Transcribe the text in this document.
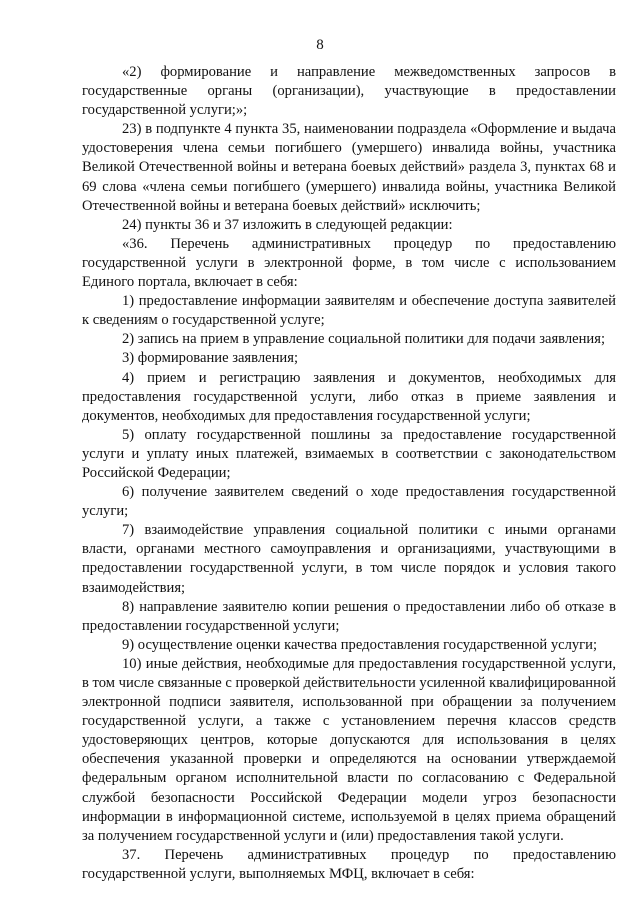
8

«2) формирование и направление межведомственных запросов в государственные органы (организации), участвующие в предоставлении государственной услуги;»;

23) в подпункте 4 пункта 35, наименовании подраздела «Оформление и выдача удостоверения члена семьи погибшего (умершего) инвалида войны, участника Великой Отечественной войны и ветерана боевых действий» раздела 3, пунктах 68 и 69 слова «члена семьи погибшего (умершего) инвалида войны, участника Великой Отечественной войны и ветерана боевых действий» исключить;

24) пункты 36 и 37 изложить в следующей редакции:

«36. Перечень административных процедур по предоставлению государственной услуги в электронной форме, в том числе с использованием Единого портала, включает в себя:

1) предоставление информации заявителям и обеспечение доступа заявителей к сведениям о государственной услуге;

2) запись на прием в управление социальной политики для подачи заявления;

3) формирование заявления;

4) прием и регистрацию заявления и документов, необходимых для предоставления государственной услуги, либо отказ в приеме заявления и документов, необходимых для предоставления государственной услуги;

5) оплату государственной пошлины за предоставление государственной услуги и уплату иных платежей, взимаемых в соответствии с законодательством Российской Федерации;

6) получение заявителем сведений о ходе предоставления государственной услуги;

7) взаимодействие управления социальной политики с иными органами власти, органами местного самоуправления и организациями, участвующими в предоставлении государственной услуги, в том числе порядок и условия такого взаимодействия;

8) направление заявителю копии решения о предоставлении либо об отказе в предоставлении государственной услуги;

9) осуществление оценки качества предоставления государственной услуги;

10) иные действия, необходимые для предоставления государственной услуги, в том числе связанные с проверкой действительности усиленной квалифицированной электронной подписи заявителя, использованной при обращении за получением государственной услуги, а также с установлением перечня классов средств удостоверяющих центров, которые допускаются для использования в целях обеспечения указанной проверки и определяются на основании утверждаемой федеральным органом исполнительной власти по согласованию с Федеральной службой безопасности Российской Федерации модели угроз безопасности информации в информационной системе, используемой в целях приема обращений за получением государственной услуги и (или) предоставления такой услуги.

37. Перечень административных процедур по предоставлению государственной услуги, выполняемых МФЦ, включает в себя:
